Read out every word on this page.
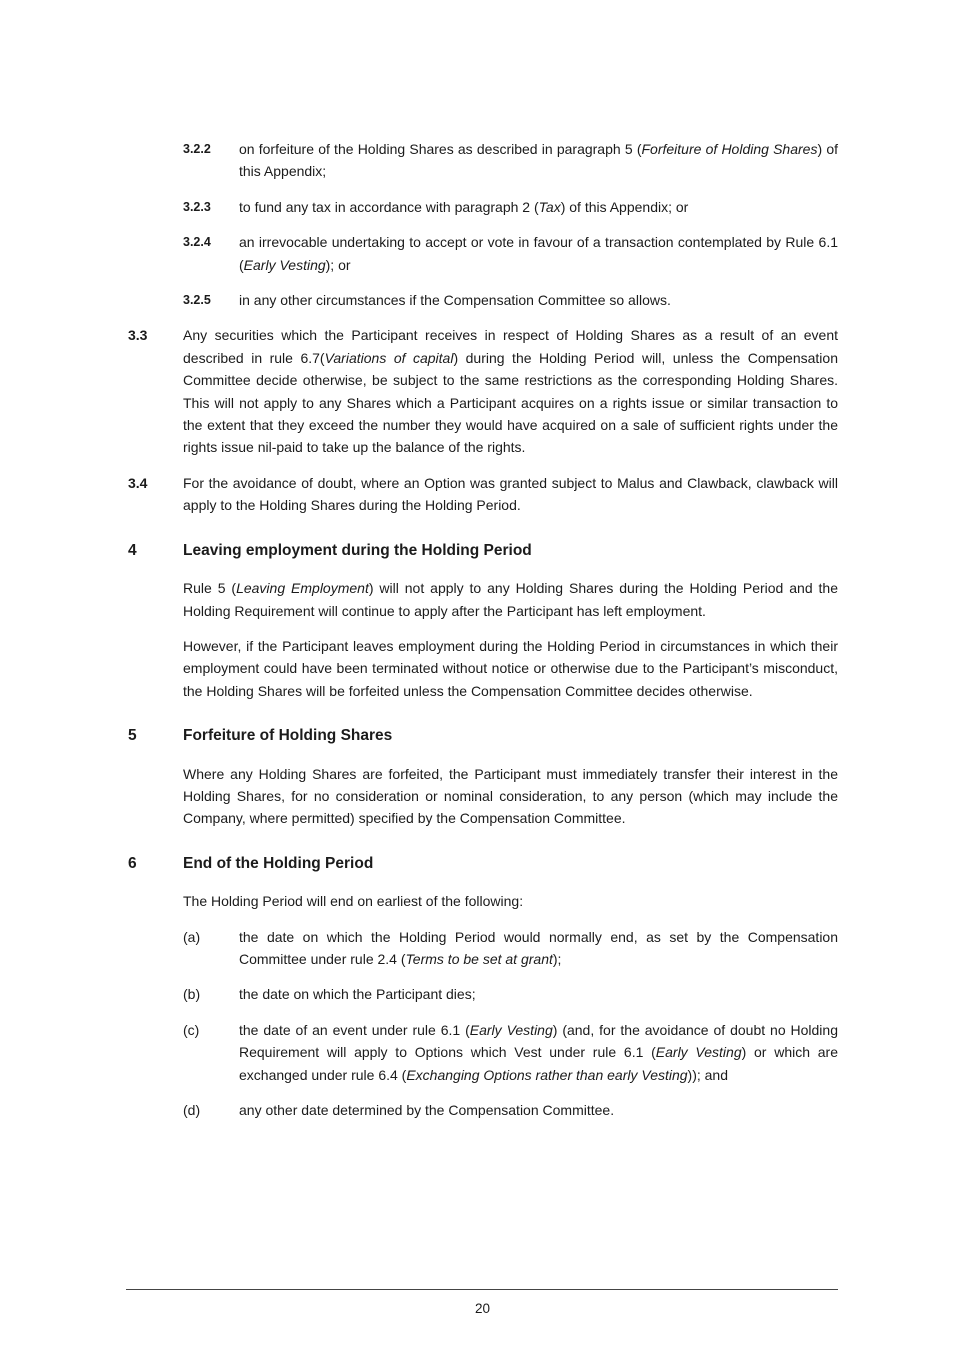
3.2.2	on forfeiture of the Holding Shares as described in paragraph 5 (Forfeiture of Holding Shares) of this Appendix;
3.2.3	to fund any tax in accordance with paragraph 2 (Tax) of this Appendix; or
3.2.4	an irrevocable undertaking to accept or vote in favour of a transaction contemplated by Rule 6.1 (Early Vesting); or
3.2.5	in any other circumstances if the Compensation Committee so allows.
3.3	Any securities which the Participant receives in respect of Holding Shares as a result of an event described in rule 6.7(Variations of capital) during the Holding Period will, unless the Compensation Committee decide otherwise, be subject to the same restrictions as the corresponding Holding Shares. This will not apply to any Shares which a Participant acquires on a rights issue or similar transaction to the extent that they exceed the number they would have acquired on a sale of sufficient rights under the rights issue nil-paid to take up the balance of the rights.
3.4	For the avoidance of doubt, where an Option was granted subject to Malus and Clawback, clawback will apply to the Holding Shares during the Holding Period.
4	Leaving employment during the Holding Period
Rule 5 (Leaving Employment) will not apply to any Holding Shares during the Holding Period and the Holding Requirement will continue to apply after the Participant has left employment.
However, if the Participant leaves employment during the Holding Period in circumstances in which their employment could have been terminated without notice or otherwise due to the Participant’s misconduct, the Holding Shares will be forfeited unless the Compensation Committee decides otherwise.
5	Forfeiture of Holding Shares
Where any Holding Shares are forfeited, the Participant must immediately transfer their interest in the Holding Shares, for no consideration or nominal consideration, to any person (which may include the Company, where permitted) specified by the Compensation Committee.
6	End of the Holding Period
The Holding Period will end on earliest of the following:
(a)	the date on which the Holding Period would normally end, as set by the Compensation Committee under rule 2.4 (Terms to be set at grant);
(b)	the date on which the Participant dies;
(c)	the date of an event under rule 6.1 (Early Vesting) (and, for the avoidance of doubt no Holding Requirement will apply to Options which Vest under rule 6.1 (Early Vesting) or which are exchanged under rule 6.4 (Exchanging Options rather than early Vesting)); and
(d)	any other date determined by the Compensation Committee.
20
